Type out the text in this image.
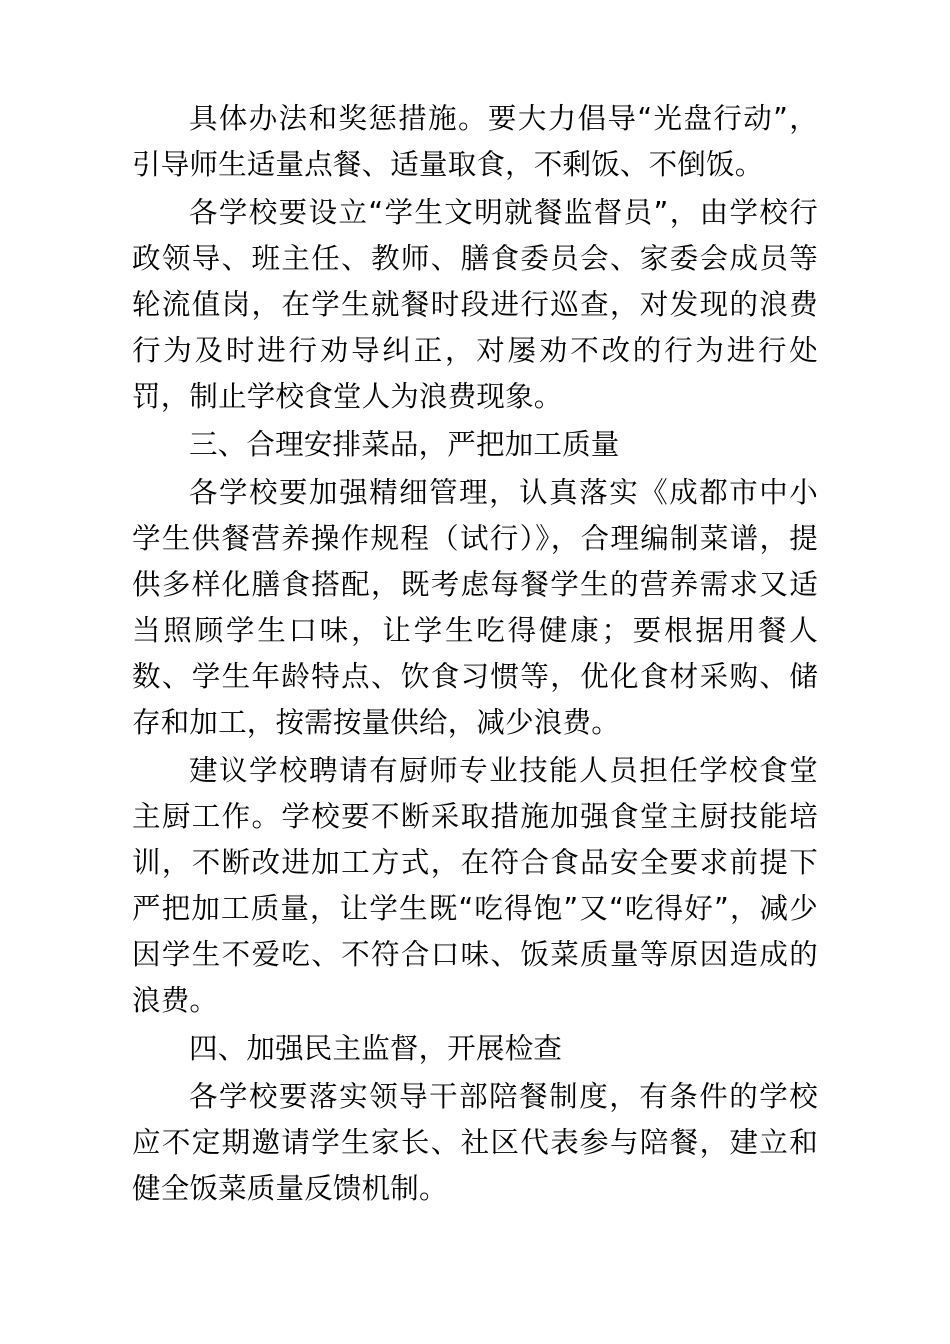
具体办法和奖惩措施。要大力倡导“光盘行动”，引导师生适量点餐、适量取食，不剩饭、不倒饭。

各学校要设立“学生文明就餐监督员”，由学校行政领导、班主任、教师、膳食委员会、家委会成员等轮流值岗，在学生就餐时段进行巡查，对发现的浪费行为及时进行劝导纠正，对屡劝不改的行为进行处罚，制止学校食堂人为浪费现象。

三、合理安排菜品，严把加工质量

各学校要加强精细管理，认真落实《成都市中小学生供餐营养操作规程（试行）》，合理编制菜谱，提供多样化膳食搭配，既考虑每餐学生的营养需求又适当照顾学生口味，让学生吃得健康；要根据用餐人数、学生年龄特点、饮食习惯等，优化食材采购、储存和加工，按需按量供给，减少浪费。

建议学校聘请有厨师专业技能人员担任学校食堂主厨工作。学校要不断采取措施加强食堂主厨技能培训，不断改进加工方式，在符合食品安全要求前提下严把加工质量，让学生既“吃得饱”又“吃得好”，减少因学生不爱吃、不符合口味、饭菜质量等原因造成的浪费。

四、加强民主监督，开展检查

各学校要落实领导干部陪餐制度，有条件的学校应不定期邀请学生家长、社区代表参与陪餐，建立和健全饭菜质量反馈机制。
